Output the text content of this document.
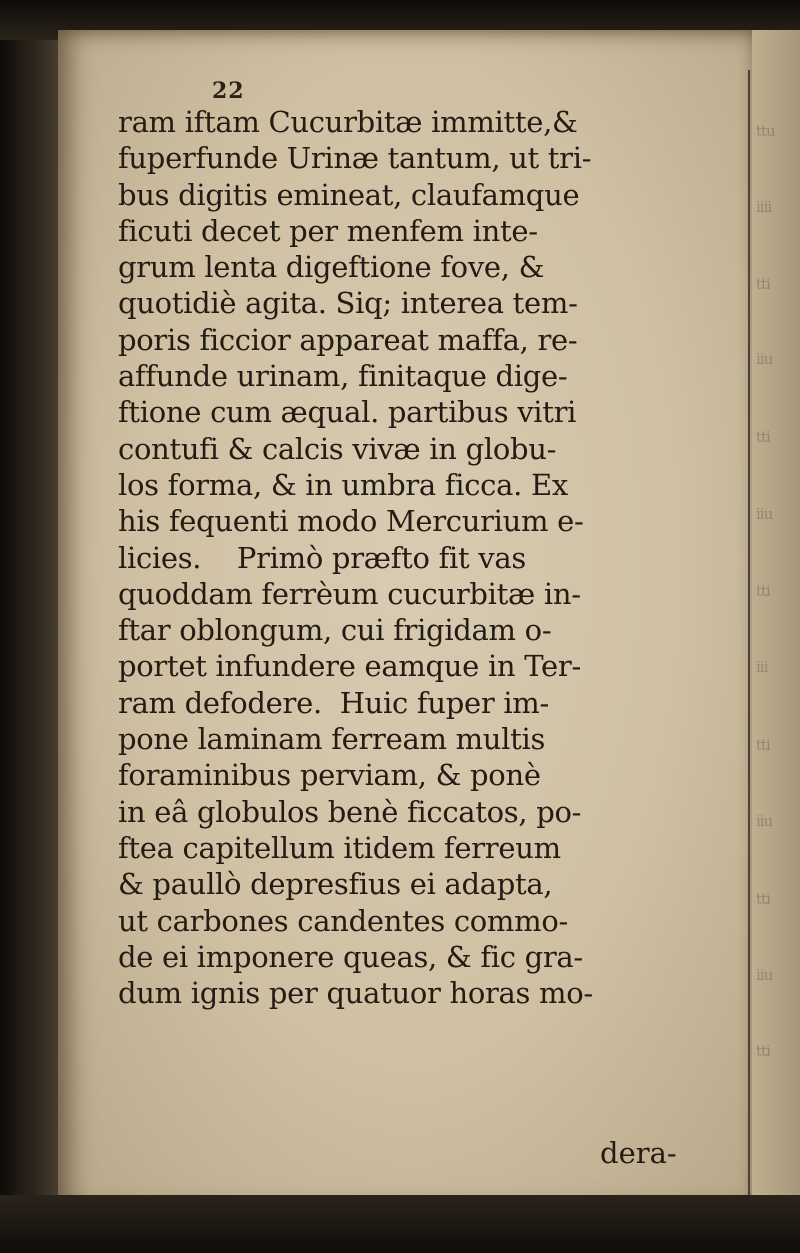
ttu
iiii
tti
iiu
tti
iiu
tti
iii
tti
iiu
tti
iiu
tti
22
ram iftam Cucurbitæ immitte,&
fuperfunde Urinæ tantum, ut tri-
bus digitis emineat, claufamque
ficuti decet per menfem inte-
grum lenta digeftione fove, &
quotidiè agita. Siq; interea tem-
poris ficcior appareat maffa, re-
affunde urinam, finitaque dige-
ftione cum æqual. partibus vitri
contufi & calcis vivæ in globu-
los forma, & in umbra ficca. Ex
his fequenti modo Mercurium e-
licies.    Primò præfto fit vas
quoddam ferrèum cucurbitæ in-
ftar oblongum, cui frigidam o-
portet infundere eamque in Ter-
ram defodere.  Huic fuper im-
pone laminam ferream multis
foraminibus perviam, & ponè
in eâ globulos benè ficcatos, po-
ftea capitellum itidem ferreum
& paullò depresfius ei adapta,
ut carbones candentes commo-
de ei imponere queas, & fic gra-
dum ignis per quatuor horas mo-
dera-
